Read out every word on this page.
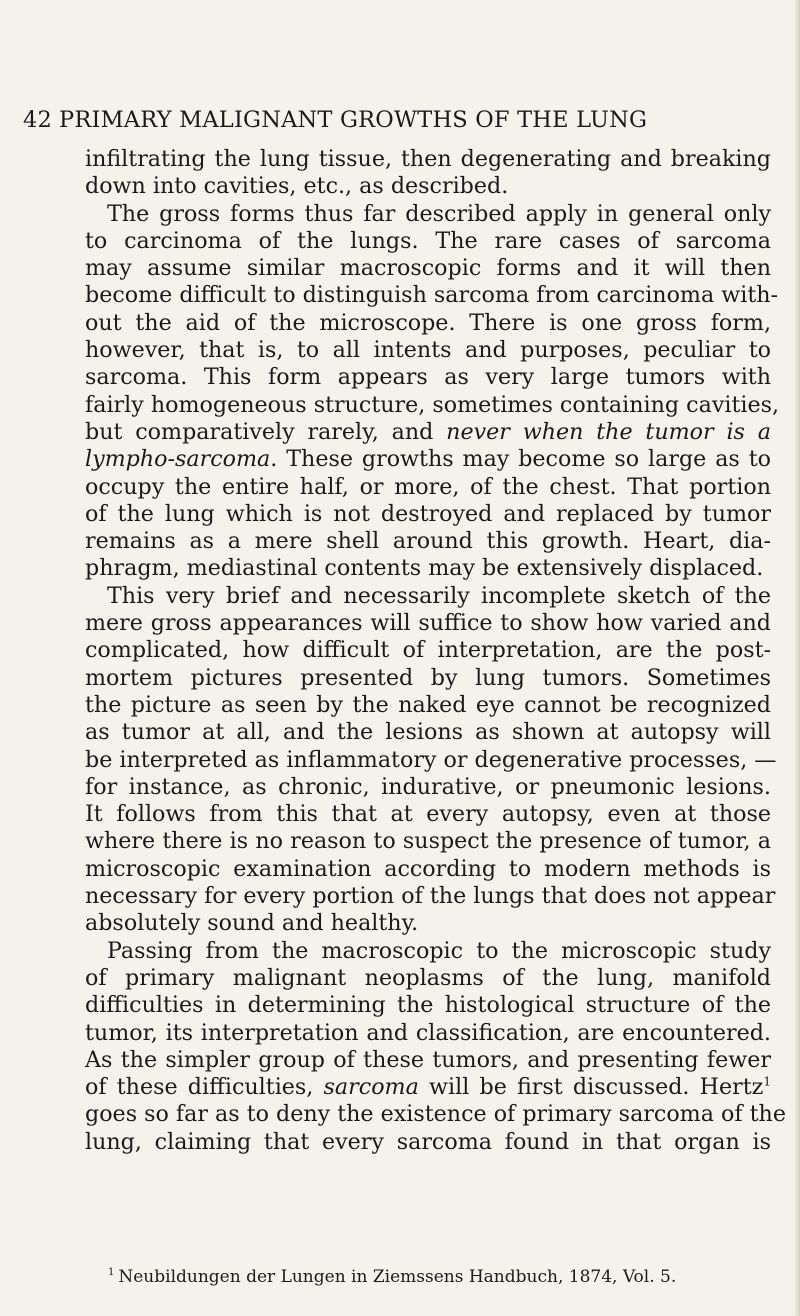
42 PRIMARY MALIGNANT GROWTHS OF THE LUNG
infiltrating the lung tissue, then degenerating and breaking
down into cavities, etc., as described.
The gross forms thus far described apply in general only
to carcinoma of the lungs. The rare cases of sarcoma
may assume similar macroscopic forms and it will then
become difficult to distinguish sarcoma from carcinoma with-
out the aid of the microscope. There is one gross form,
however, that is, to all intents and purposes, peculiar to
sarcoma. This form appears as very large tumors with
fairly homogeneous structure, sometimes containing cavities,
but comparatively rarely, and never when the tumor is a
lympho-sarcoma. These growths may become so large as to
occupy the entire half, or more, of the chest. That portion
of the lung which is not destroyed and replaced by tumor
remains as a mere shell around this growth. Heart, dia-
phragm, mediastinal contents may be extensively displaced.
This very brief and necessarily incomplete sketch of the
mere gross appearances will suffice to show how varied and
complicated, how difficult of interpretation, are the post-
mortem pictures presented by lung tumors. Sometimes
the picture as seen by the naked eye cannot be recognized
as tumor at all, and the lesions as shown at autopsy will
be interpreted as inflammatory or degenerative processes, —
for instance, as chronic, indurative, or pneumonic lesions.
It follows from this that at every autopsy, even at those
where there is no reason to suspect the presence of tumor, a
microscopic examination according to modern methods is
necessary for every portion of the lungs that does not appear
absolutely sound and healthy.
Passing from the macroscopic to the microscopic study
of primary malignant neoplasms of the lung, manifold
difficulties in determining the histological structure of the
tumor, its interpretation and classification, are encountered.
As the simpler group of these tumors, and presenting fewer
of these difficulties, sarcoma will be first discussed. Hertz$^1$
goes so far as to deny the existence of primary sarcoma of the
lung, claiming that every sarcoma found in that organ is
$^1$ Neubildungen der Lungen in Ziemssens Handbuch, 1874, Vol. 5.
